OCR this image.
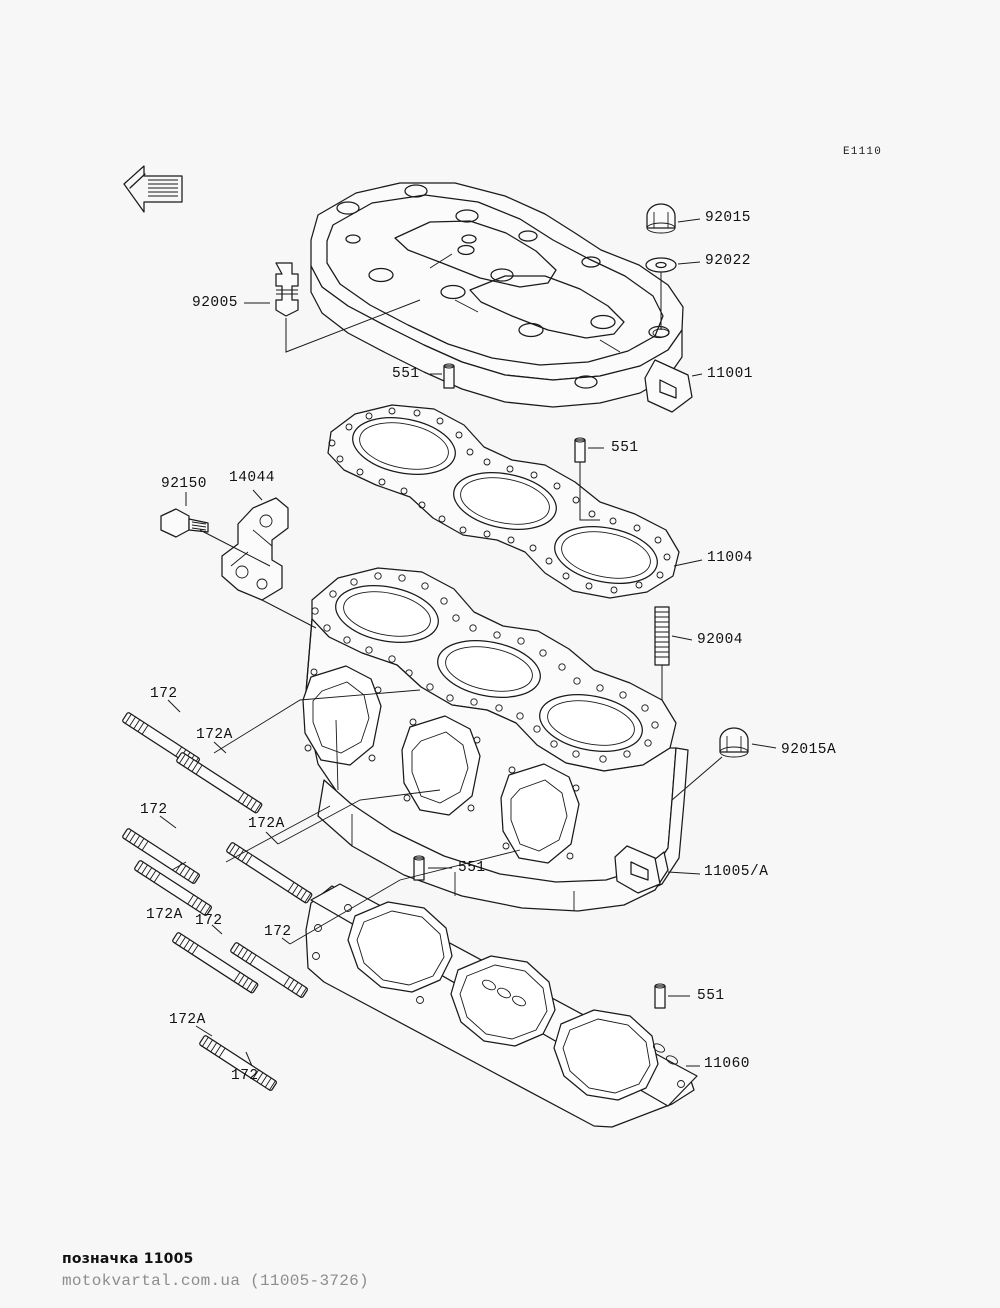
E1110
92015
92022
92005
11001
551
551
92150 14044
11004
92004
172
172A
92015A
172
172A
551	11005/A
172
172A
172
551
172A
11060
172
позначка 11005
motokvartal.com.ua (11005-3726)
